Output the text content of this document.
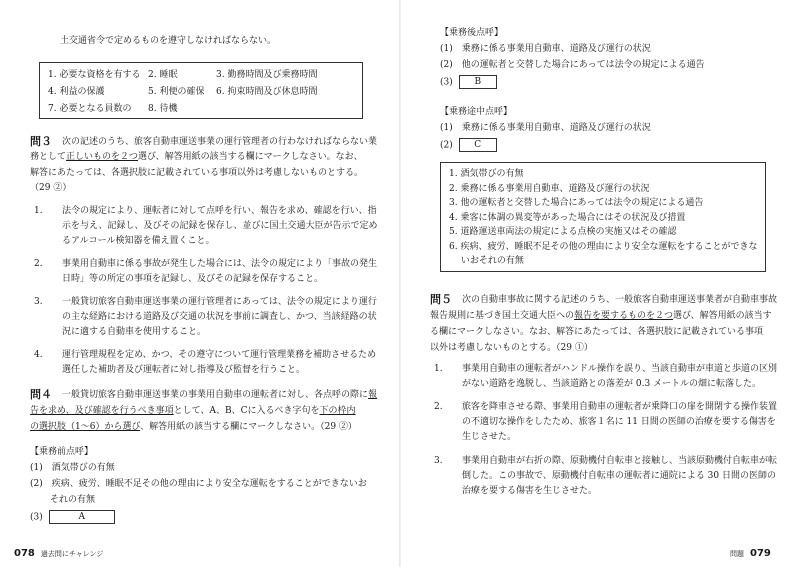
土交通省令で定めるものを遵守しなければならない。
1. 必要な資格を有する 2. 睡眠	3. 勤務時間及び乗務時間
4. 利益の保護	5. 利便の確保	6. 拘束時間及び休息時間
7. 必要となる員数の	8. 待機
問３ 次の記述のうち、旅客自動車運送事業の運行管理者の行わなければならない業
務として正しいものを２つ選び、解答用紙の該当する欄にマークしなさい。なお、
解答にあたっては、各選択肢に記載されている事項以外は考慮しないものとする。
（29 ②）
1. 法令の規定により、運転者に対して点呼を行い、報告を求め、確認を行い、指
示を与え、記録し、及びその記録を保存し、並びに国土交通大臣が告示で定め
るアルコール検知器を備え置くこと。
2. 事業用自動車に係る事故が発生した場合には、法令の規定により「事故の発生
日時」等の所定の事項を記録し、及びその記録を保存すること。
3. 一般貸切旅客自動車運送事業の運行管理者にあっては、法令の規定により運行
の主な経路における道路及び交通の状況を事前に調査し、かつ、当該経路の状
況に適する自動車を使用すること。
4. 運行管理規程を定め、かつ、その遵守について運行管理業務を補助させるため
選任した補助者及び運転者に対し指導及び監督を行うこと。
問４ 一般貸切旅客自動車運送事業の事業用自動車の運転者に対し、各点呼の際に報
告を求め、及び確認を行うべき事項として、A、B、Cに入るべき字句を下の枠内
の選択肢（1〜6）から選び、解答用紙の該当する欄にマークしなさい。（29 ②）
【乗務前点呼】
(1)　酒気帯びの有無
(2)　疾病、疲労、睡眠不足その他の理由により安全な運転をすることができないお
それの有無
(3)	A
078 過去問にチャレンジ
【乗務後点呼】
(1)　乗務に係る事業用自動車、道路及び運行の状況
(2)　他の運転者と交替した場合にあっては法令の規定による通告
(3) B
【乗務途中点呼】
(1)　乗務に係る事業用自動車、道路及び運行の状況
(2) C
1. 酒気帯びの有無
2. 乗務に係る事業用自動車、道路及び運行の状況
3. 他の運転者と交替した場合にあっては法令の規定による通告
4. 乗客に体調の異変等があった場合にはその状況及び措置
5. 道路運送車両法の規定による点検の実施又はその確認
6. 疾病、疲労、睡眠不足その他の理由により安全な運転をすることができな
　 いおそれの有無
問５ 次の自動車事故に関する記述のうち、一般旅客自動車運送事業者が自動車事故
報告規則に基づき国土交通大臣への報告を要するものを２つ選び、解答用紙の該当す
る欄にマークしなさい。なお、解答にあたっては、各選択肢に記載されている事項
以外は考慮しないものとする。（29 ①）
1. 事業用自動車の運転者がハンドル操作を誤り、当該自動車が車道と歩道の区別
がない道路を逸脱し、当該道路との落差が 0.3 メートルの畑に転落した。
2. 旅客を降車させる際、事業用自動車の運転者が乗降口の扉を開閉する操作装置
の不適切な操作をしたため、旅客１名に 11 日間の医師の治療を要する傷害を
生じさせた。
3. 事業用自動車が右折の際、原動機付自転車と接触し、当該原動機付自転車が転
倒した。この事故で、原動機付自転車の運転者に通院による 30 日間の医師の
治療を要する傷害を生じさせた。
問題 079
